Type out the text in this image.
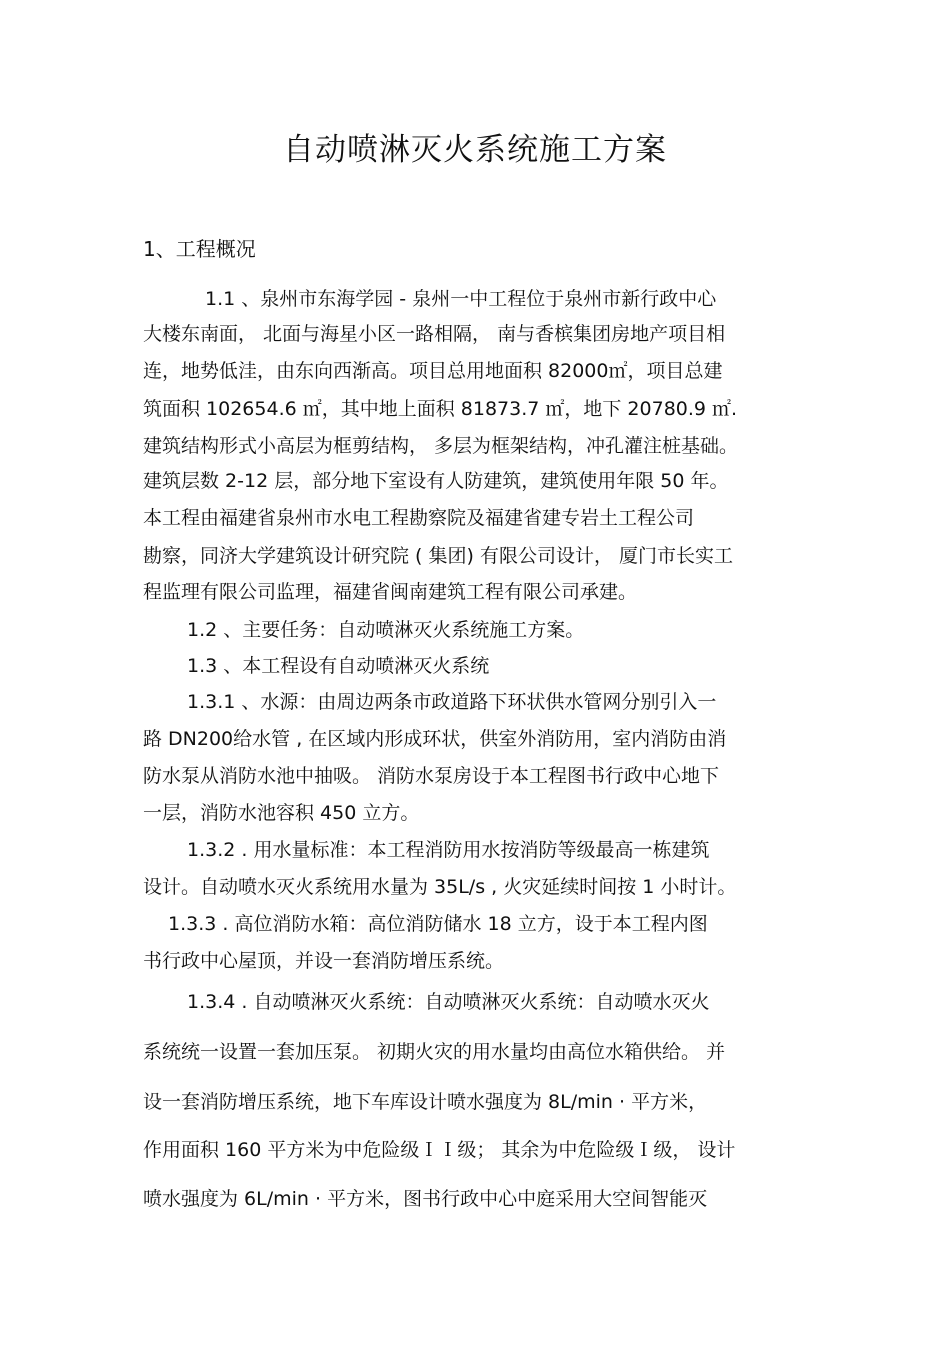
自动喷淋灭火系统施工方案
1、工程概况
1.1 、泉州市东海学园 - 泉州一中工程位于泉州市新行政中心
大楼东南面， 北面与海星小区一路相隔， 南与香槟集团房地产项目相
连，地势低洼，由东向西渐高。项目总用地面积 82000㎡，项目总建
筑面积 102654.6 ㎡，其中地上面积 81873.7 ㎡，地下 20780.9 ㎡.
建筑结构形式小高层为框剪结构， 多层为框架结构，冲孔灌注桩基础。
建筑层数 2-12 层，部分地下室设有人防建筑，建筑使用年限 50 年。
本工程由福建省泉州市水电工程勘察院及福建省建专岩土工程公司
勘察，同济大学建筑设计研究院 ( 集团) 有限公司设计， 厦门市长实工
程监理有限公司监理，福建省闽南建筑工程有限公司承建。
1.2 、主要任务：自动喷淋灭火系统施工方案。
1.3 、本工程设有自动喷淋灭火系统
1.3.1 、水源：由周边两条市政道路下环状供水管网分别引入一
路 DN200给水管 , 在区域内形成环状，供室外消防用，室内消防由消
防水泵从消防水池中抽吸。 消防水泵房设于本工程图书行政中心地下
一层，消防水池容积 450 立方。
1.3.2 . 用水量标准：本工程消防用水按消防等级最高一栋建筑
设计。自动喷水灭火系统用水量为 35L/s , 火灾延续时间按 1 小时计。
1.3.3 . 高位消防水箱：高位消防储水 18 立方，设于本工程内图
书行政中心屋顶，并设一套消防增压系统。
1.3.4 . 自动喷淋灭火系统：自动喷淋灭火系统：自动喷水灭火
系统统一设置一套加压泵。 初期火灾的用水量均由高位水箱供给。 并
设一套消防增压系统，地下车库设计喷水强度为 8L/min · 平方米，
作用面积 160 平方米为中危险级ＩＩ级； 其余为中危险级Ｉ级， 设计
喷水强度为 6L/min · 平方米，图书行政中心中庭采用大空间智能灭
